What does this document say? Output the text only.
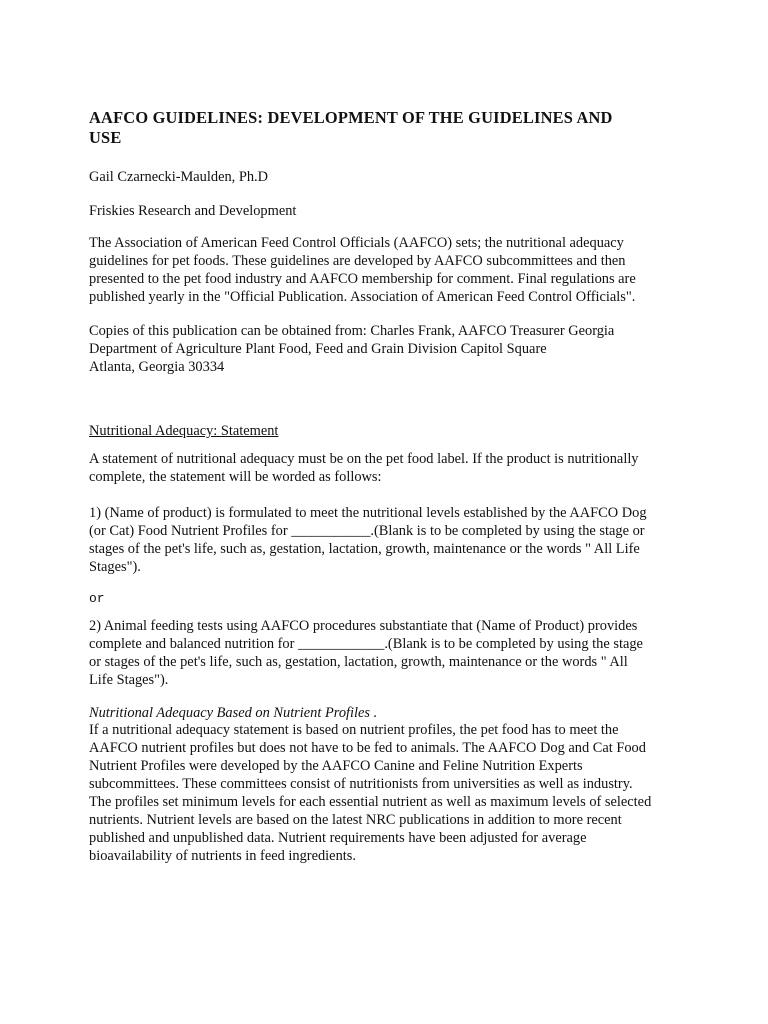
AAFCO GUIDELINES: DEVELOPMENT OF THE GUIDELINES AND
USE

Gail Czarnecki-Maulden, Ph.D

Friskies Research and Development

The Association of American Feed Control Officials (AAFCO) sets; the nutritional adequacy
guidelines for pet foods. These guidelines are developed by AAFCO subcommittees and then
presented to the pet food industry and AAFCO membership for comment. Final regulations are
published yearly in the "Official Publication. Association of American Feed Control Officials".

Copies of this publication can be obtained from: Charles Frank, AAFCO Treasurer Georgia
Department of Agriculture Plant Food, Feed and Grain Division Capitol Square
Atlanta, Georgia 30334

Nutritional Adequacy: Statement

A statement of nutritional adequacy must be on the pet food label. If the product is nutritionally
complete, the statement will be worded as follows:

1) (Name of product) is formulated to meet the nutritional levels established by the AAFCO Dog
(or Cat) Food Nutrient Profiles for ___________.(Blank is to be completed by using the stage or
stages of the pet's life, such as, gestation, lactation, growth, maintenance or the words " All Life
Stages").

or

2) Animal feeding tests using AAFCO procedures substantiate that (Name of Product) provides
complete and balanced nutrition for ____________.(Blank is to be completed by using the stage
or stages of the pet's life, such as, gestation, lactation, growth, maintenance or the words " All
Life Stages").

Nutritional Adequacy Based on Nutrient Profiles .

If a nutritional adequacy statement is based on nutrient profiles, the pet food has to meet the
AAFCO nutrient profiles but does not have to be fed to animals. The AAFCO Dog and Cat Food
Nutrient Profiles were developed by the AAFCO Canine and Feline Nutrition Experts
subcommittees. These committees consist of nutritionists from universities as well as industry.
The profiles set minimum levels for each essential nutrient as well as maximum levels of selected
nutrients. Nutrient levels are based on the latest NRC publications in addition to more recent
published and unpublished data. Nutrient requirements have been adjusted for average
bioavailability of nutrients in feed ingredients.
